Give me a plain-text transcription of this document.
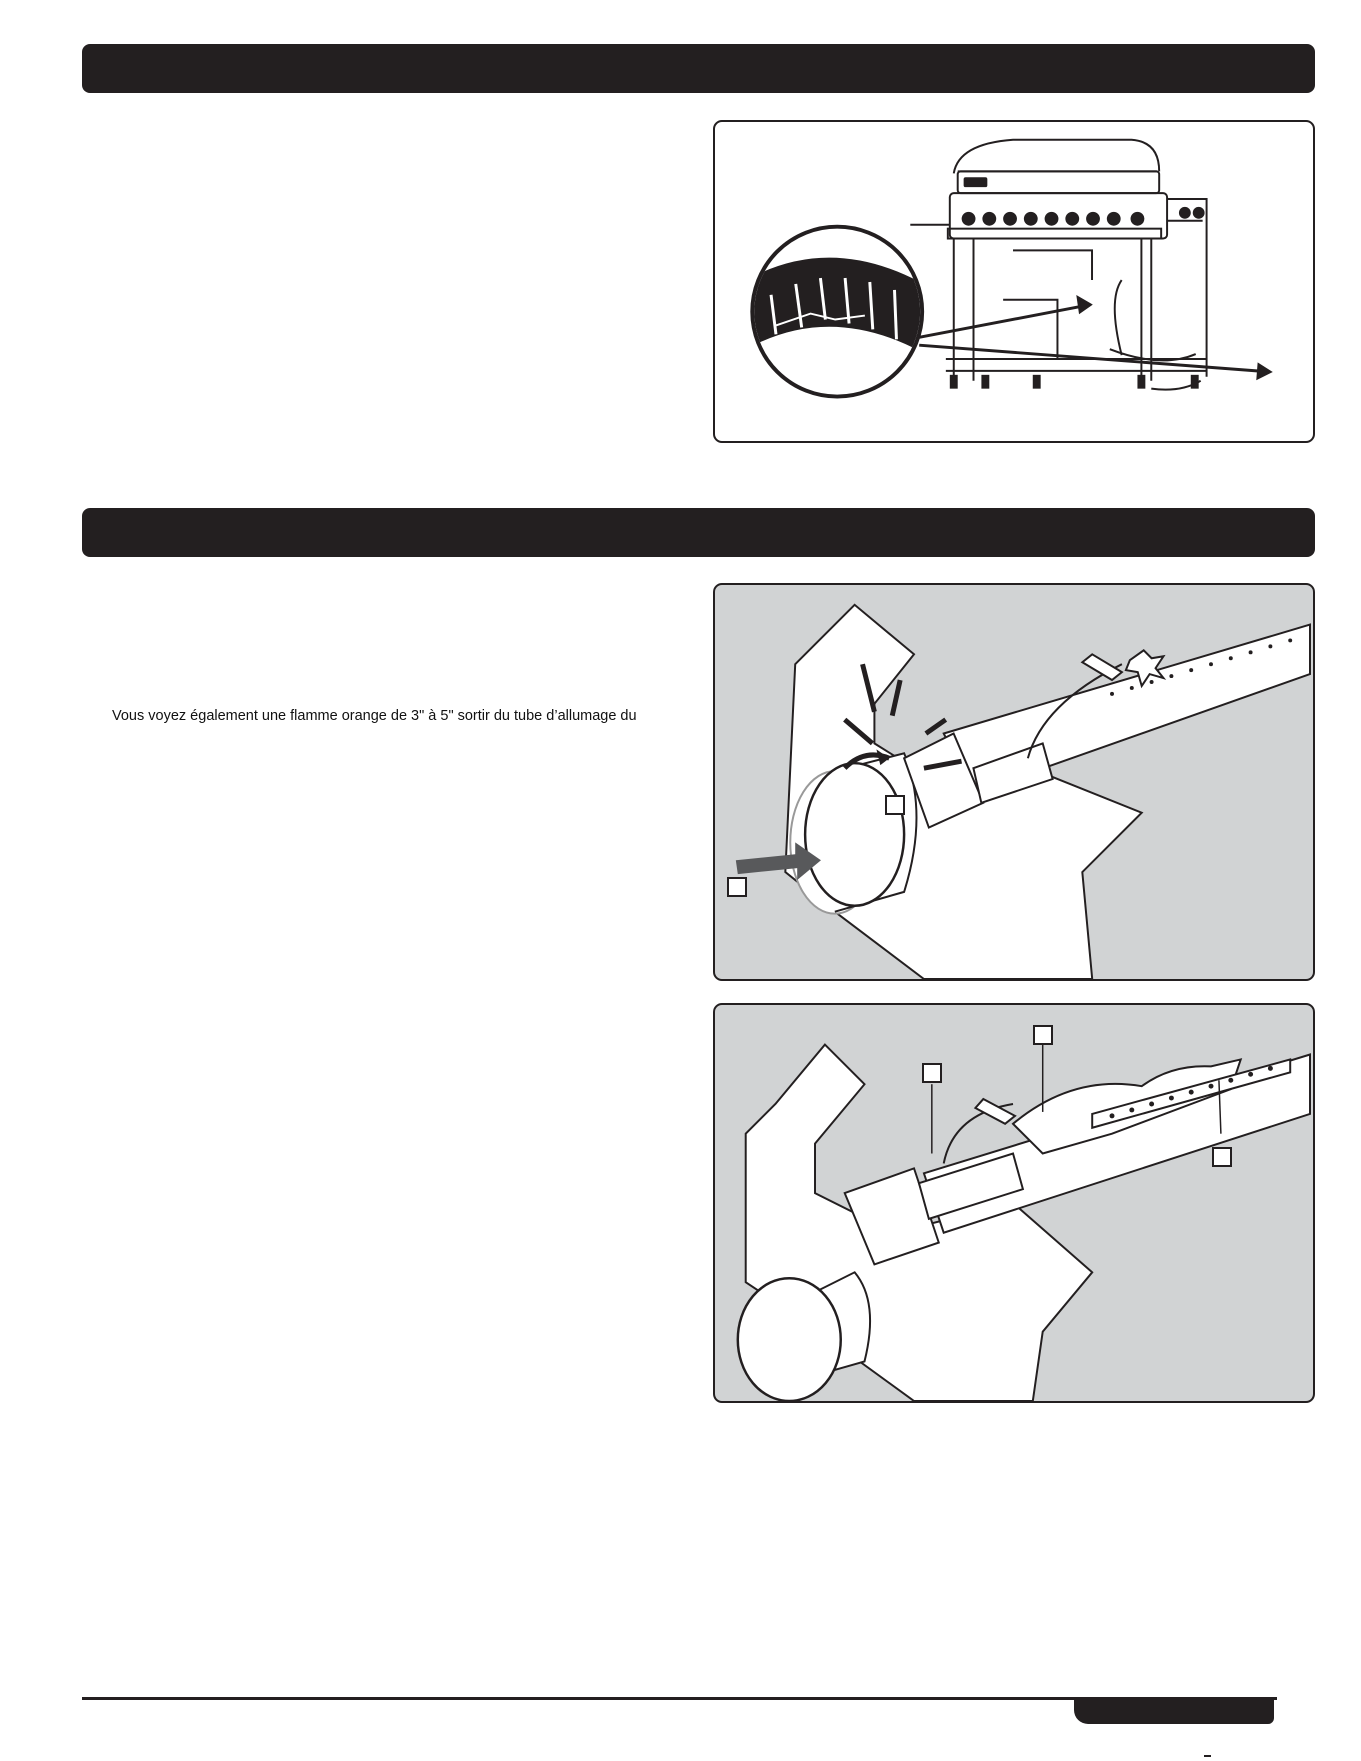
Vous voyez également une flamme orange de 3" à 5" sortir du tube d’allumage du
